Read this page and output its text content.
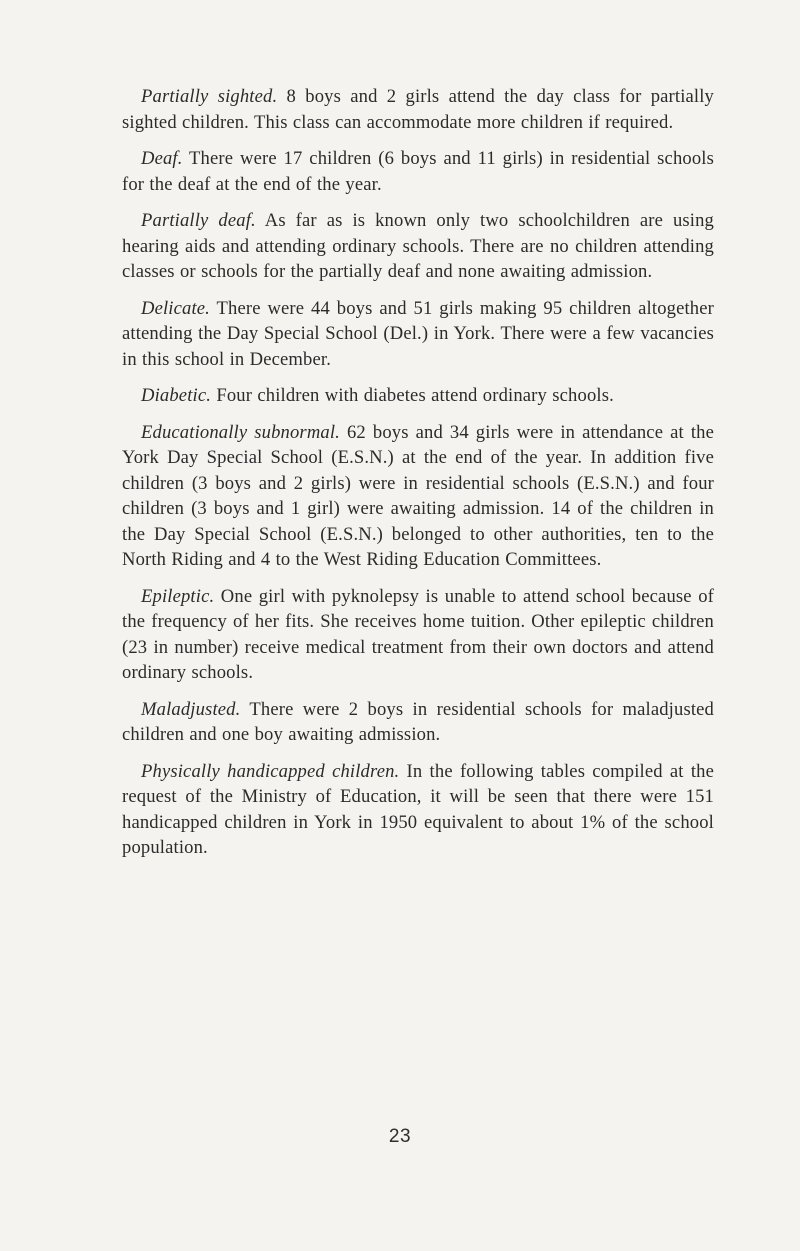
Partially sighted. 8 boys and 2 girls attend the day class for partially sighted children. This class can accommodate more children if required.

Deaf. There were 17 children (6 boys and 11 girls) in residential schools for the deaf at the end of the year.

Partially deaf. As far as is known only two schoolchildren are using hearing aids and attending ordinary schools. There are no children attending classes or schools for the partially deaf and none awaiting admission.

Delicate. There were 44 boys and 51 girls making 95 children altogether attending the Day Special School (Del.) in York. There were a few vacancies in this school in December.

Diabetic. Four children with diabetes attend ordinary schools.

Educationally subnormal. 62 boys and 34 girls were in attendance at the York Day Special School (E.S.N.) at the end of the year. In addition five children (3 boys and 2 girls) were in residential schools (E.S.N.) and four children (3 boys and 1 girl) were awaiting admission. 14 of the children in the Day Special School (E.S.N.) belonged to other authorities, ten to the North Riding and 4 to the West Riding Education Committees.

Epileptic. One girl with pyknolepsy is unable to attend school because of the frequency of her fits. She receives home tuition. Other epileptic children (23 in number) receive medical treatment from their own doctors and attend ordinary schools.

Maladjusted. There were 2 boys in residential schools for maladjusted children and one boy awaiting admission.

Physically handicapped children. In the following tables compiled at the request of the Ministry of Education, it will be seen that there were 151 handicapped children in York in 1950 equivalent to about 1% of the school population.

23
